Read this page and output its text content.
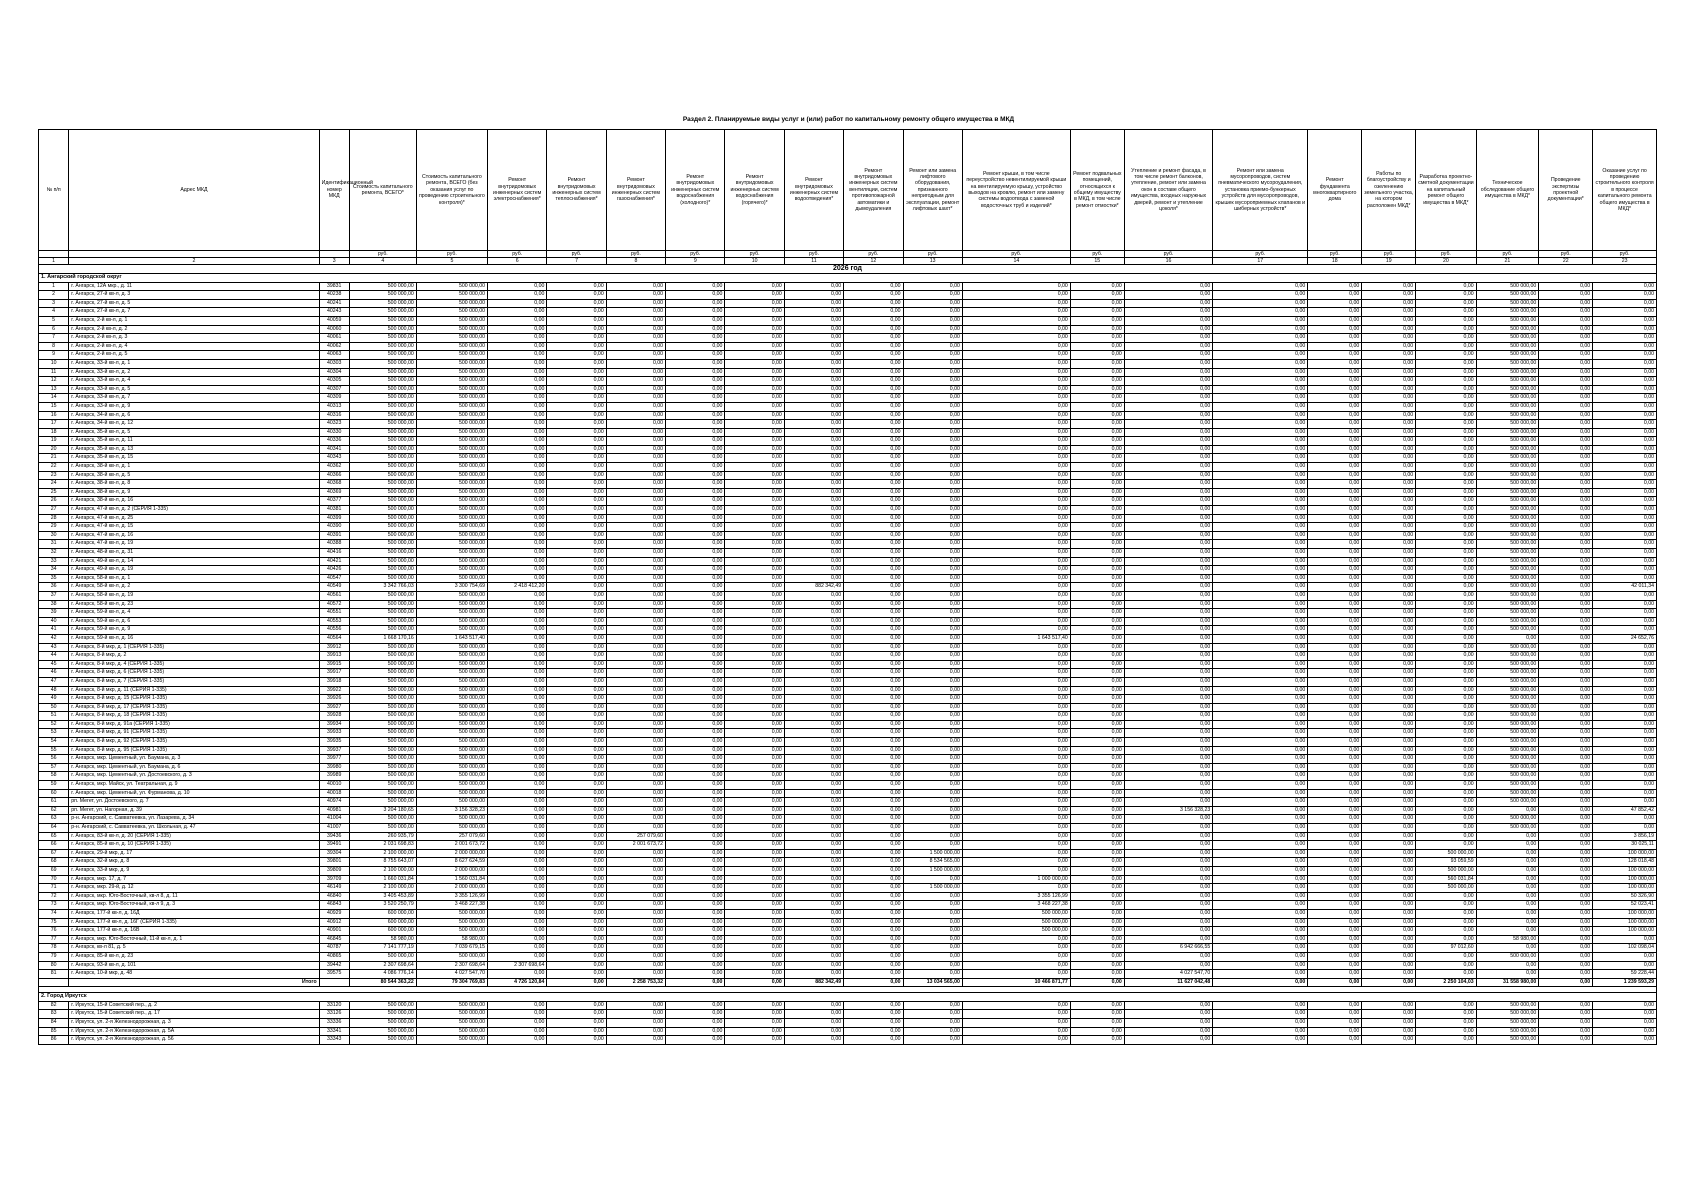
Раздел 2. Планируемые виды услуг и (или) работ по капитальному ремонту общего имущества в МКД
№ п/п	Адрес МКД	Идентификационный номер МКД	Стоимость капитального ремонта, ВСЕГО*	Стоимость капитального ремонта, ВСЕГО (без оказания услуг по проведению строительного контроля)*	Ремонт внутридомовых инженерных систем электроснабжения*	Ремонт внутридомовых инженерных систем теплоснабжения*	Ремонт внутридомовых инженерных систем газоснабжения*	Ремонт внутридомовых инженерных систем водоснабжения (холодного)*	Ремонт внутридомовых инженерных систем водоснабжения (горячего)*	Ремонт внутридомовых инженерных систем водоотведения*	Ремонт внутридомовых инженерных систем вентиляции, систем противопожарной автоматики и дымоудаления	Ремонт или замена лифтового оборудования, признанного непригодным для эксплуатации, ремонт лифтовых шахт*	Ремонт крыши, в том числе переустройство невентилируемой крыши на вентилируемую крышу, устройство выходов на кровлю, ремонт или замену системы водоотвода с заменой водосточных труб и изделий*	Ремонт подвальных помещений, относящихся к общему имуществу в МКД, в том числе ремонт отмостки*	Утепление и ремонт фасада, в том числе ремонт балконов, утепление, ремонт или замена окон в составе общего имущества, входных наружных дверей, ремонт и утепление цоколя*	Ремонт или замена мусоропроводов, систем пневматического мусороудаления, установка приемо-бункерных устройств для мусоропроводов, крышек мусороприемных клапанов и шиберных устройств*	Ремонт фундамента многоквартирного дома	Работы по благоустройству и озеленению земельного участка, на котором расположен МКД*	Разработка проектно-сметной документации на капитальный ремонт общего имущества в МКД*	Техническое обследование общего имущества в МКД*	Проведение экспертизы проектной документации*	Оказание услуг по проведению строительного контроля в процессе капитального ремонта общего имущества в МКД*
			руб.	руб.	руб.	руб.	руб.	руб.	руб.	руб.	руб.	руб.	руб.	руб.	руб.	руб.	руб.	руб.	руб.	руб.	руб.	руб.
1	2	3	4	5	6	7	8	9	10	11	12	13	14	15	16	17	18	19	20	21	22	23
2026 год																						
1. Ангарский городской округ																						
1	г. Ангарск, 12А мкр., д. 11	39831	500 000,00	500 000,00	0,00	0,00	0,00	0,00	0,00	0,00	0,00	0,00	0,00	0,00	0,00	0,00	0,00	0,00	0,00	500 000,00	0,00	0,00
2	г. Ангарск, 27-й кв-л, д. 3	40238	500 000,00	500 000,00	0,00	0,00	0,00	0,00	0,00	0,00	0,00	0,00	0,00	0,00	0,00	0,00	0,00	0,00	0,00	500 000,00	0,00	0,00
3	г. Ангарск, 27-й кв-л, д. 5	40241	500 000,00	500 000,00	0,00	0,00	0,00	0,00	0,00	0,00	0,00	0,00	0,00	0,00	0,00	0,00	0,00	0,00	0,00	500 000,00	0,00	0,00
4	г. Ангарск, 27-й кв-л, д. 7	40243	500 000,00	500 000,00	0,00	0,00	0,00	0,00	0,00	0,00	0,00	0,00	0,00	0,00	0,00	0,00	0,00	0,00	0,00	500 000,00	0,00	0,00
5	г. Ангарск, 2-й кв-л, д. 1	40059	500 000,00	500 000,00	0,00	0,00	0,00	0,00	0,00	0,00	0,00	0,00	0,00	0,00	0,00	0,00	0,00	0,00	0,00	500 000,00	0,00	0,00
6	г. Ангарск, 2-й кв-л, д. 2	40060	500 000,00	500 000,00	0,00	0,00	0,00	0,00	0,00	0,00	0,00	0,00	0,00	0,00	0,00	0,00	0,00	0,00	0,00	500 000,00	0,00	0,00
7	г. Ангарск, 2-й кв-л, д. 3	40061	500 000,00	500 000,00	0,00	0,00	0,00	0,00	0,00	0,00	0,00	0,00	0,00	0,00	0,00	0,00	0,00	0,00	0,00	500 000,00	0,00	0,00
8	г. Ангарск, 2-й кв-л, д. 4	40062	500 000,00	500 000,00	0,00	0,00	0,00	0,00	0,00	0,00	0,00	0,00	0,00	0,00	0,00	0,00	0,00	0,00	0,00	500 000,00	0,00	0,00
9	г. Ангарск, 2-й кв-л, д. 5	40063	500 000,00	500 000,00	0,00	0,00	0,00	0,00	0,00	0,00	0,00	0,00	0,00	0,00	0,00	0,00	0,00	0,00	0,00	500 000,00	0,00	0,00
10	г. Ангарск, 33-й кв-л, д. 1	40303	500 000,00	500 000,00	0,00	0,00	0,00	0,00	0,00	0,00	0,00	0,00	0,00	0,00	0,00	0,00	0,00	0,00	0,00	500 000,00	0,00	0,00
11	г. Ангарск, 33-й кв-л, д. 2	40304	500 000,00	500 000,00	0,00	0,00	0,00	0,00	0,00	0,00	0,00	0,00	0,00	0,00	0,00	0,00	0,00	0,00	0,00	500 000,00	0,00	0,00
12	г. Ангарск, 33-й кв-л, д. 4	40305	500 000,00	500 000,00	0,00	0,00	0,00	0,00	0,00	0,00	0,00	0,00	0,00	0,00	0,00	0,00	0,00	0,00	0,00	500 000,00	0,00	0,00
13	г. Ангарск, 33-й кв-л, д. 5	40307	500 000,00	500 000,00	0,00	0,00	0,00	0,00	0,00	0,00	0,00	0,00	0,00	0,00	0,00	0,00	0,00	0,00	0,00	500 000,00	0,00	0,00
14	г. Ангарск, 33-й кв-л, д. 7	40309	500 000,00	500 000,00	0,00	0,00	0,00	0,00	0,00	0,00	0,00	0,00	0,00	0,00	0,00	0,00	0,00	0,00	0,00	500 000,00	0,00	0,00
15	г. Ангарск, 33-й кв-л, д. 9	40313	500 000,00	500 000,00	0,00	0,00	0,00	0,00	0,00	0,00	0,00	0,00	0,00	0,00	0,00	0,00	0,00	0,00	0,00	500 000,00	0,00	0,00
16	г. Ангарск, 34-й кв-л, д. 6	40316	500 000,00	500 000,00	0,00	0,00	0,00	0,00	0,00	0,00	0,00	0,00	0,00	0,00	0,00	0,00	0,00	0,00	0,00	500 000,00	0,00	0,00
17	г. Ангарск, 34-й кв-л, д. 12	40323	500 000,00	500 000,00	0,00	0,00	0,00	0,00	0,00	0,00	0,00	0,00	0,00	0,00	0,00	0,00	0,00	0,00	0,00	500 000,00	0,00	0,00
18	г. Ангарск, 35-й кв-л, д. 5	40330	500 000,00	500 000,00	0,00	0,00	0,00	0,00	0,00	0,00	0,00	0,00	0,00	0,00	0,00	0,00	0,00	0,00	0,00	500 000,00	0,00	0,00
19	г. Ангарск, 35-й кв-л, д. 11	40336	500 000,00	500 000,00	0,00	0,00	0,00	0,00	0,00	0,00	0,00	0,00	0,00	0,00	0,00	0,00	0,00	0,00	0,00	500 000,00	0,00	0,00
20	г. Ангарск, 35-й кв-л, д. 13	40341	500 000,00	500 000,00	0,00	0,00	0,00	0,00	0,00	0,00	0,00	0,00	0,00	0,00	0,00	0,00	0,00	0,00	0,00	500 000,00	0,00	0,00
21	г. Ангарск, 35-й кв-л, д. 15	40343	500 000,00	500 000,00	0,00	0,00	0,00	0,00	0,00	0,00	0,00	0,00	0,00	0,00	0,00	0,00	0,00	0,00	0,00	500 000,00	0,00	0,00
22	г. Ангарск, 38-й кв-л, д. 1	40362	500 000,00	500 000,00	0,00	0,00	0,00	0,00	0,00	0,00	0,00	0,00	0,00	0,00	0,00	0,00	0,00	0,00	0,00	500 000,00	0,00	0,00
23	г. Ангарск, 38-й кв-л, д. 5	40366	500 000,00	500 000,00	0,00	0,00	0,00	0,00	0,00	0,00	0,00	0,00	0,00	0,00	0,00	0,00	0,00	0,00	0,00	500 000,00	0,00	0,00
24	г. Ангарск, 38-й кв-л, д. 8	40368	500 000,00	500 000,00	0,00	0,00	0,00	0,00	0,00	0,00	0,00	0,00	0,00	0,00	0,00	0,00	0,00	0,00	0,00	500 000,00	0,00	0,00
25	г. Ангарск, 38-й кв-л, д. 9	40369	500 000,00	500 000,00	0,00	0,00	0,00	0,00	0,00	0,00	0,00	0,00	0,00	0,00	0,00	0,00	0,00	0,00	0,00	500 000,00	0,00	0,00
26	г. Ангарск, 38-й кв-л, д. 16	40377	500 000,00	500 000,00	0,00	0,00	0,00	0,00	0,00	0,00	0,00	0,00	0,00	0,00	0,00	0,00	0,00	0,00	0,00	500 000,00	0,00	0,00
27	г. Ангарск, 47-й кв-л, д. 2 (СЕРИЯ 1-335)	40381	500 000,00	500 000,00	0,00	0,00	0,00	0,00	0,00	0,00	0,00	0,00	0,00	0,00	0,00	0,00	0,00	0,00	0,00	500 000,00	0,00	0,00
28	г. Ангарск, 47-й кв-л, д. 25	40399	500 000,00	500 000,00	0,00	0,00	0,00	0,00	0,00	0,00	0,00	0,00	0,00	0,00	0,00	0,00	0,00	0,00	0,00	500 000,00	0,00	0,00
29	г. Ангарск, 47-й кв-л, д. 15	40390	500 000,00	500 000,00	0,00	0,00	0,00	0,00	0,00	0,00	0,00	0,00	0,00	0,00	0,00	0,00	0,00	0,00	0,00	500 000,00	0,00	0,00
30	г. Ангарск, 47-й кв-л, д. 16	40391	500 000,00	500 000,00	0,00	0,00	0,00	0,00	0,00	0,00	0,00	0,00	0,00	0,00	0,00	0,00	0,00	0,00	0,00	500 000,00	0,00	0,00
31	г. Ангарск, 47-й кв-л, д. 19	40388	500 000,00	500 000,00	0,00	0,00	0,00	0,00	0,00	0,00	0,00	0,00	0,00	0,00	0,00	0,00	0,00	0,00	0,00	500 000,00	0,00	0,00
32	г. Ангарск, 48-й кв-л, д. 31	40416	500 000,00	500 000,00	0,00	0,00	0,00	0,00	0,00	0,00	0,00	0,00	0,00	0,00	0,00	0,00	0,00	0,00	0,00	500 000,00	0,00	0,00
33	г. Ангарск, 49-й кв-л, д. 14	40421	500 000,00	500 000,00	0,00	0,00	0,00	0,00	0,00	0,00	0,00	0,00	0,00	0,00	0,00	0,00	0,00	0,00	0,00	500 000,00	0,00	0,00
34	г. Ангарск, 49-й кв-л, д. 19	40426	500 000,00	500 000,00	0,00	0,00	0,00	0,00	0,00	0,00	0,00	0,00	0,00	0,00	0,00	0,00	0,00	0,00	0,00	500 000,00	0,00	0,00
35	г. Ангарск, 58-й кв-л, д. 1	40547	500 000,00	500 000,00	0,00	0,00	0,00	0,00	0,00	0,00	0,00	0,00	0,00	0,00	0,00	0,00	0,00	0,00	0,00	500 000,00	0,00	0,00
36	г. Ангарск, 58-й кв-л, д. 2	40549	3 342 766,03	3 300 754,69	2 418 412,20	0,00	0,00	0,00	0,00	882 342,49	0,00	0,00	0,00	0,00	0,00	0,00	0,00	0,00	0,00	500 000,00	0,00	42 011,34
37	г. Ангарск, 58-й кв-л, д. 19	40561	500 000,00	500 000,00	0,00	0,00	0,00	0,00	0,00	0,00	0,00	0,00	0,00	0,00	0,00	0,00	0,00	0,00	0,00	500 000,00	0,00	0,00
38	г. Ангарск, 58-й кв-л, д. 23	40572	500 000,00	500 000,00	0,00	0,00	0,00	0,00	0,00	0,00	0,00	0,00	0,00	0,00	0,00	0,00	0,00	0,00	0,00	500 000,00	0,00	0,00
39	г. Ангарск, 59-й кв-л, д. 4	40551	500 000,00	500 000,00	0,00	0,00	0,00	0,00	0,00	0,00	0,00	0,00	0,00	0,00	0,00	0,00	0,00	0,00	0,00	500 000,00	0,00	0,00
40	г. Ангарск, 59-й кв-л, д. 6	40553	500 000,00	500 000,00	0,00	0,00	0,00	0,00	0,00	0,00	0,00	0,00	0,00	0,00	0,00	0,00	0,00	0,00	0,00	500 000,00	0,00	0,00
41	г. Ангарск, 59-й кв-л, д. 9	40556	500 000,00	500 000,00	0,00	0,00	0,00	0,00	0,00	0,00	0,00	0,00	0,00	0,00	0,00	0,00	0,00	0,00	0,00	500 000,00	0,00	0,00
42	г. Ангарск, 59-й кв-л, д. 16	40564	1 668 170,16	1 643 517,40	0,00	0,00	0,00	0,00	0,00	0,00	0,00	0,00	1 643 517,40	0,00	0,00	0,00	0,00	0,00	0,00	0,00	0,00	24 652,76
43	г. Ангарск, 8-й мкр, д. 1 (СЕРИЯ 1-335)	39912	500 000,00	500 000,00	0,00	0,00	0,00	0,00	0,00	0,00	0,00	0,00	0,00	0,00	0,00	0,00	0,00	0,00	0,00	500 000,00	0,00	0,00
44	г. Ангарск, 8-й мкр, д. 2	39913	500 000,00	500 000,00	0,00	0,00	0,00	0,00	0,00	0,00	0,00	0,00	0,00	0,00	0,00	0,00	0,00	0,00	0,00	500 000,00	0,00	0,00
45	г. Ангарск, 8-й мкр, д. 4 (СЕРИЯ 1-335)	39915	500 000,00	500 000,00	0,00	0,00	0,00	0,00	0,00	0,00	0,00	0,00	0,00	0,00	0,00	0,00	0,00	0,00	0,00	500 000,00	0,00	0,00
46	г. Ангарск, 8-й мкр, д. 6 (СЕРИЯ 1-335)	39917	500 000,00	500 000,00	0,00	0,00	0,00	0,00	0,00	0,00	0,00	0,00	0,00	0,00	0,00	0,00	0,00	0,00	0,00	500 000,00	0,00	0,00
47	г. Ангарск, 8-й мкр, д. 7 (СЕРИЯ 1-335)	39918	500 000,00	500 000,00	0,00	0,00	0,00	0,00	0,00	0,00	0,00	0,00	0,00	0,00	0,00	0,00	0,00	0,00	0,00	500 000,00	0,00	0,00
48	г. Ангарск, 8-й мкр, д. 11 (СЕРИЯ 1-335)	39922	500 000,00	500 000,00	0,00	0,00	0,00	0,00	0,00	0,00	0,00	0,00	0,00	0,00	0,00	0,00	0,00	0,00	0,00	500 000,00	0,00	0,00
49	г. Ангарск, 8-й мкр, д. 15 (СЕРИЯ 1-335)	39926	500 000,00	500 000,00	0,00	0,00	0,00	0,00	0,00	0,00	0,00	0,00	0,00	0,00	0,00	0,00	0,00	0,00	0,00	500 000,00	0,00	0,00
50	г. Ангарск, 8-й мкр, д. 17 (СЕРИЯ 1-335)	39927	500 000,00	500 000,00	0,00	0,00	0,00	0,00	0,00	0,00	0,00	0,00	0,00	0,00	0,00	0,00	0,00	0,00	0,00	500 000,00	0,00	0,00
51	г. Ангарск, 8-й мкр, д. 18 (СЕРИЯ 1-335)	39928	500 000,00	500 000,00	0,00	0,00	0,00	0,00	0,00	0,00	0,00	0,00	0,00	0,00	0,00	0,00	0,00	0,00	0,00	500 000,00	0,00	0,00
52	г. Ангарск, 8-й мкр, д. 91а (СЕРИЯ 1-335)	39934	500 000,00	500 000,00	0,00	0,00	0,00	0,00	0,00	0,00	0,00	0,00	0,00	0,00	0,00	0,00	0,00	0,00	0,00	500 000,00	0,00	0,00
53	г. Ангарск, 8-й мкр, д. 91 (СЕРИЯ 1-335)	39933	500 000,00	500 000,00	0,00	0,00	0,00	0,00	0,00	0,00	0,00	0,00	0,00	0,00	0,00	0,00	0,00	0,00	0,00	500 000,00	0,00	0,00
54	г. Ангарск, 8-й мкр, д. 92 (СЕРИЯ 1-335)	39935	500 000,00	500 000,00	0,00	0,00	0,00	0,00	0,00	0,00	0,00	0,00	0,00	0,00	0,00	0,00	0,00	0,00	0,00	500 000,00	0,00	0,00
55	г. Ангарск, 8-й мкр, д. 95 (СЕРИЯ 1-335)	39937	500 000,00	500 000,00	0,00	0,00	0,00	0,00	0,00	0,00	0,00	0,00	0,00	0,00	0,00	0,00	0,00	0,00	0,00	500 000,00	0,00	0,00
56	г. Ангарск, мкр. Цементный, ул. Баумана, д. 3	39977	500 000,00	500 000,00	0,00	0,00	0,00	0,00	0,00	0,00	0,00	0,00	0,00	0,00	0,00	0,00	0,00	0,00	0,00	500 000,00	0,00	0,00
57	г. Ангарск, мкр. Цементный, ул. Баумана, д. 6	39980	500 000,00	500 000,00	0,00	0,00	0,00	0,00	0,00	0,00	0,00	0,00	0,00	0,00	0,00	0,00	0,00	0,00	0,00	500 000,00	0,00	0,00
58	г. Ангарск, мкр. Цементный, ул. Достоевского, д. 3	39989	500 000,00	500 000,00	0,00	0,00	0,00	0,00	0,00	0,00	0,00	0,00	0,00	0,00	0,00	0,00	0,00	0,00	0,00	500 000,00	0,00	0,00
59	г. Ангарск, мкр. Майск, ул. Театральная, д. 9	40010	500 000,00	500 000,00	0,00	0,00	0,00	0,00	0,00	0,00	0,00	0,00	0,00	0,00	0,00	0,00	0,00	0,00	0,00	500 000,00	0,00	0,00
60	г. Ангарск, мкр. Цементный, ул. Фурманова, д. 10	40018	500 000,00	500 000,00	0,00	0,00	0,00	0,00	0,00	0,00	0,00	0,00	0,00	0,00	0,00	0,00	0,00	0,00	0,00	500 000,00	0,00	0,00
61	рп. Мегет, ул. Достоевского, д. 7	40974	500 000,00	500 000,00	0,00	0,00	0,00	0,00	0,00	0,00	0,00	0,00	0,00	0,00	0,00	0,00	0,00	0,00	0,00	500 000,00	0,00	0,00
62	рп. Мегет, ул. Нагорная, д. 39	40981	3 204 180,65	3 156 328,23	0,00	0,00	0,00	0,00	0,00	0,00	0,00	0,00	0,00	0,00	3 156 328,23	0,00	0,00	0,00	0,00	0,00	0,00	47 852,42
63	р-н. Ангарский, с. Савватеевка, ул. Лазарева, д. 34	41004	500 000,00	500 000,00	0,00	0,00	0,00	0,00	0,00	0,00	0,00	0,00	0,00	0,00	0,00	0,00	0,00	0,00	0,00	500 000,00	0,00	0,00
64	р-н. Ангарский, с. Савватеевка, ул. Школьная, д. 47	41007	500 000,00	500 000,00	0,00	0,00	0,00	0,00	0,00	0,00	0,00	0,00	0,00	0,00	0,00	0,00	0,00	0,00	0,00	500 000,00	0,00	0,00
65	г. Ангарск, 83-й кв-л, д. 20 (СЕРИЯ 1-335)	39436	260 935,79	257 079,60	0,00	0,00	257 079,60	0,00	0,00	0,00	0,00	0,00	0,00	0,00	0,00	0,00	0,00	0,00	0,00	0,00	0,00	3 856,19
66	г. Ангарск, 85-й кв-л, д. 10 (СЕРИЯ 1-335)	39491	2 031 698,83	2 001 673,72	0,00	0,00	2 001 673,72	0,00	0,00	0,00	0,00	0,00	0,00	0,00	0,00	0,00	0,00	0,00	0,00	0,00	0,00	30 025,11
67	г. Ангарск, 29-й мкр, д. 17	39304	2 100 000,00	2 000 000,00	0,00	0,00	0,00	0,00	0,00	0,00	0,00	1 500 000,00	0,00	0,00	0,00	0,00	0,00	0,00	500 000,00	0,00	0,00	100 000,00
68	г. Ангарск, 32-й мкр, д. 8	39801	8 755 643,07	8 627 624,59	0,00	0,00	0,00	0,00	0,00	0,00	0,00	8 534 565,00	0,00	0,00	0,00	0,00	0,00	0,00	93 059,59	0,00	0,00	128 018,48
69	г. Ангарск, 33-й мкр, д. 9	39809	2 100 000,00	2 000 000,00	0,00	0,00	0,00	0,00	0,00	0,00	0,00	1 500 000,00	0,00	0,00	0,00	0,00	0,00	0,00	500 000,00	0,00	0,00	100 000,00
70	г. Ангарск, мкр. 17, д. 7	39709	1 660 031,84	1 560 031,84	0,00	0,00	0,00	0,00	0,00	0,00	0,00	0,00	1 000 000,00	0,00	0,00	0,00	0,00	0,00	560 031,84	0,00	0,00	100 000,00
71	г. Ангарск, мкр. 29-й, д. 12	46149	2 100 000,00	2 000 000,00	0,00	0,00	0,00	0,00	0,00	0,00	0,00	1 500 000,00	0,00	0,00	0,00	0,00	0,00	0,00	500 000,00	0,00	0,00	100 000,00
72	г. Ангарск, мкр. Юго-Восточный, кв-л 8, д. 11	46840	3 405 453,89	3 355 126,99	0,00	0,00	0,00	0,00	0,00	0,00	0,00	0,00	3 355 126,99	0,00	0,00	0,00	0,00	0,00	0,00	0,00	0,00	50 326,90
73	г. Ангарск, мкр. Юго-Восточный, кв-л 9, д. 3	46843	3 520 250,79	3 468 227,38	0,00	0,00	0,00	0,00	0,00	0,00	0,00	0,00	3 468 227,38	0,00	0,00	0,00	0,00	0,00	0,00	0,00	0,00	52 023,41
74	г. Ангарск, 177-й кв-л, д. 16Д	40929	600 000,00	500 000,00	0,00	0,00	0,00	0,00	0,00	0,00	0,00	0,00	500 000,00	0,00	0,00	0,00	0,00	0,00	0,00	0,00	0,00	100 000,00
75	г. Ангарск, 177-й кв-л, д. 16Г (СЕРИЯ 1-335)	40912	600 000,00	500 000,00	0,00	0,00	0,00	0,00	0,00	0,00	0,00	0,00	500 000,00	0,00	0,00	0,00	0,00	0,00	0,00	0,00	0,00	100 000,00
76	г. Ангарск, 177-й кв-л, д. 16В	40901	600 000,00	500 000,00	0,00	0,00	0,00	0,00	0,00	0,00	0,00	0,00	500 000,00	0,00	0,00	0,00	0,00	0,00	0,00	0,00	0,00	100 000,00
77	г. Ангарск, мкр. Юго-Восточный, 11-й кв-л, д. 1	46845	58 980,00	58 980,00	0,00	0,00	0,00	0,00	0,00	0,00	0,00	0,00	0,00	0,00	0,00	0,00	0,00	0,00	0,00	58 980,00	0,00	0,00
78	г. Ангарск, кв-л 81, д. 5	40787	7 141 777,19	7 039 679,15	0,00	0,00	0,00	0,00	0,00	0,00	0,00	0,00	0,00	0,00	6 942 666,55	0,00	0,00	0,00	97 012,60	0,00	0,00	102 098,04
79	г. Ангарск, 85-й кв-л, д. 23	40865	500 000,00	500 000,00	0,00	0,00	0,00	0,00	0,00	0,00	0,00	0,00	0,00	0,00	0,00	0,00	0,00	0,00	0,00	500 000,00	0,00	0,00
80	г. Ангарск, 93-й кв-л, д. 101	39442	2 307 698,64	2 307 698,64	2 307 698,64	0,00	0,00	0,00	0,00	0,00	0,00	0,00	0,00	0,00	0,00	0,00	0,00	0,00	0,00	0,00	0,00	0,00
81	г. Ангарск, 10-й мкр, д. 48	39575	4 086 776,14	4 027 547,70	0,00	0,00	0,00	0,00	0,00	0,00	0,00	0,00	0,00	0,00	4 027 547,70	0,00	0,00	0,00	0,00	0,00	0,00	59 228,44
	Итого		80 544 363,22	79 304 769,83	4 726 120,84	0,00	2 258 753,32	0,00	0,00	882 342,49	0,00	13 034 565,00	10 466 871,77	0,00	11 627 042,48	0,00	0,00	0,00	2 250 104,03	31 558 980,00	0,00	1 239 593,29

2. Город Иркутск																						
82	г. Иркутск, 15-й Советский пер., д. 2	33120	500 000,00	500 000,00	0,00	0,00	0,00	0,00	0,00	0,00	0,00	0,00	0,00	0,00	0,00	0,00	0,00	0,00	0,00	500 000,00	0,00	0,00
83	г. Иркутск, 15-й Советский пер., д. 17	33126	500 000,00	500 000,00	0,00	0,00	0,00	0,00	0,00	0,00	0,00	0,00	0,00	0,00	0,00	0,00	0,00	0,00	0,00	500 000,00	0,00	0,00
84	г. Иркутск, ул. 2-я Железнодорожная, д. 3	33336	500 000,00	500 000,00	0,00	0,00	0,00	0,00	0,00	0,00	0,00	0,00	0,00	0,00	0,00	0,00	0,00	0,00	0,00	500 000,00	0,00	0,00
85	г. Иркутск, ул. 2-я Железнодорожная, д. 5А	33341	500 000,00	500 000,00	0,00	0,00	0,00	0,00	0,00	0,00	0,00	0,00	0,00	0,00	0,00	0,00	0,00	0,00	0,00	500 000,00	0,00	0,00
86	г. Иркутск, ул. 2-я Железнодорожная, д. 56	33343	500 000,00	500 000,00	0,00	0,00	0,00	0,00	0,00	0,00	0,00	0,00	0,00	0,00	0,00	0,00	0,00	0,00	0,00	500 000,00	0,00	0,00
